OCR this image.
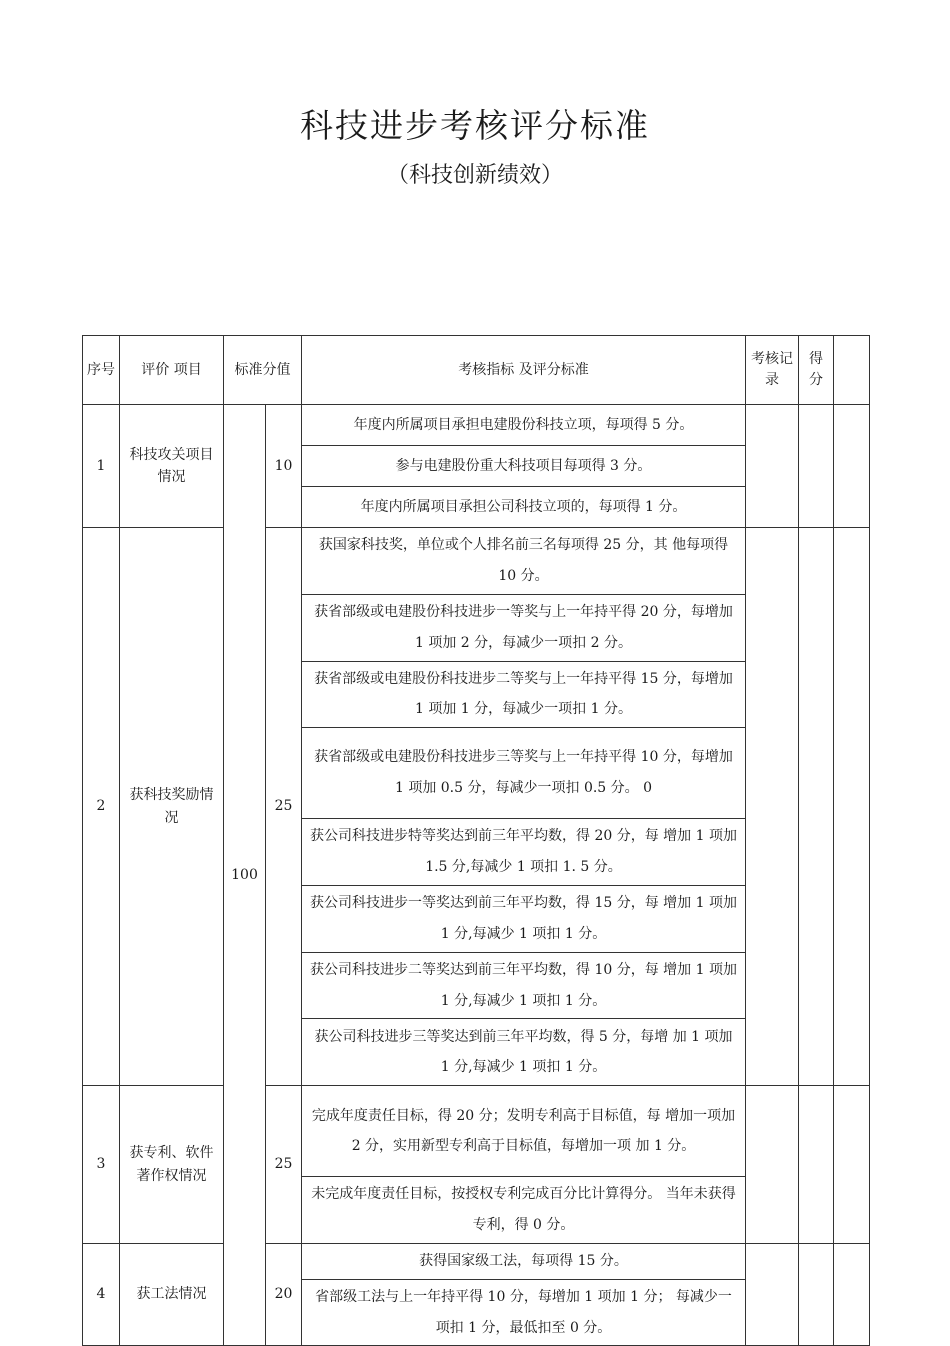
科技进步考核评分标准
（科技创新绩效）
序号	评价 项目	标准分值		考核指标 及评分标准	考核记录	得分	
1	科技攻关项目情况	100	10	年度内所属项目承担电建股份科技立项，每项得 5 分。			
				参与电建股份重大科技项目每项得 3 分。			
				年度内所属项目承担公司科技立项的，每项得 1 分。			
2	获科技奖励情况		25	获国家科技奖，单位或个人排名前三名每项得 25 分，其 他每项得 10 分。			
				获省部级或电建股份科技进步一等奖与上一年持平得 20 分，每增加 1 项加 2 分，每减少一项扣 2 分。			
				获省部级或电建股份科技进步二等奖与上一年持平得 15 分，每增加 1 项加 1 分，每减少一项扣 1 分。			
				获省部级或电建股份科技进步三等奖与上一年持平得 10 分，每增加 1 项加 0.5 分，每减少一项扣 0.5 分。 0			
				获公司科技进步特等奖达到前三年平均数，得 20 分，每 增加 1 项加 1.5 分,每减少 1 项扣 1. 5 分。			
				获公司科技进步一等奖达到前三年平均数，得 15 分，每 增加 1 项加 1 分,每减少 1 项扣 1 分。			
				获公司科技进步二等奖达到前三年平均数，得 10 分，每 增加 1 项加 1 分,每减少 1 项扣 1 分。			
				获公司科技进步三等奖达到前三年平均数，得 5 分，每增 加 1 项加 1 分,每减少 1 项扣 1 分。			
3	获专利、软件著作权情况		25	完成年度责任目标，得 20 分；发明专利高于目标值，每 增加一项加 2 分，实用新型专利高于目标值，每增加一项 加 1 分。			
				未完成年度责任目标，按授权专利完成百分比计算得分。 当年未获得专利，得 0 分。			
4	获工法情况		20	获得国家级工法，每项得 15 分。			
				省部级工法与上一年持平得 10 分，每增加 1 项加 1 分； 每减少一项扣 1 分，最低扣至 0 分。			
